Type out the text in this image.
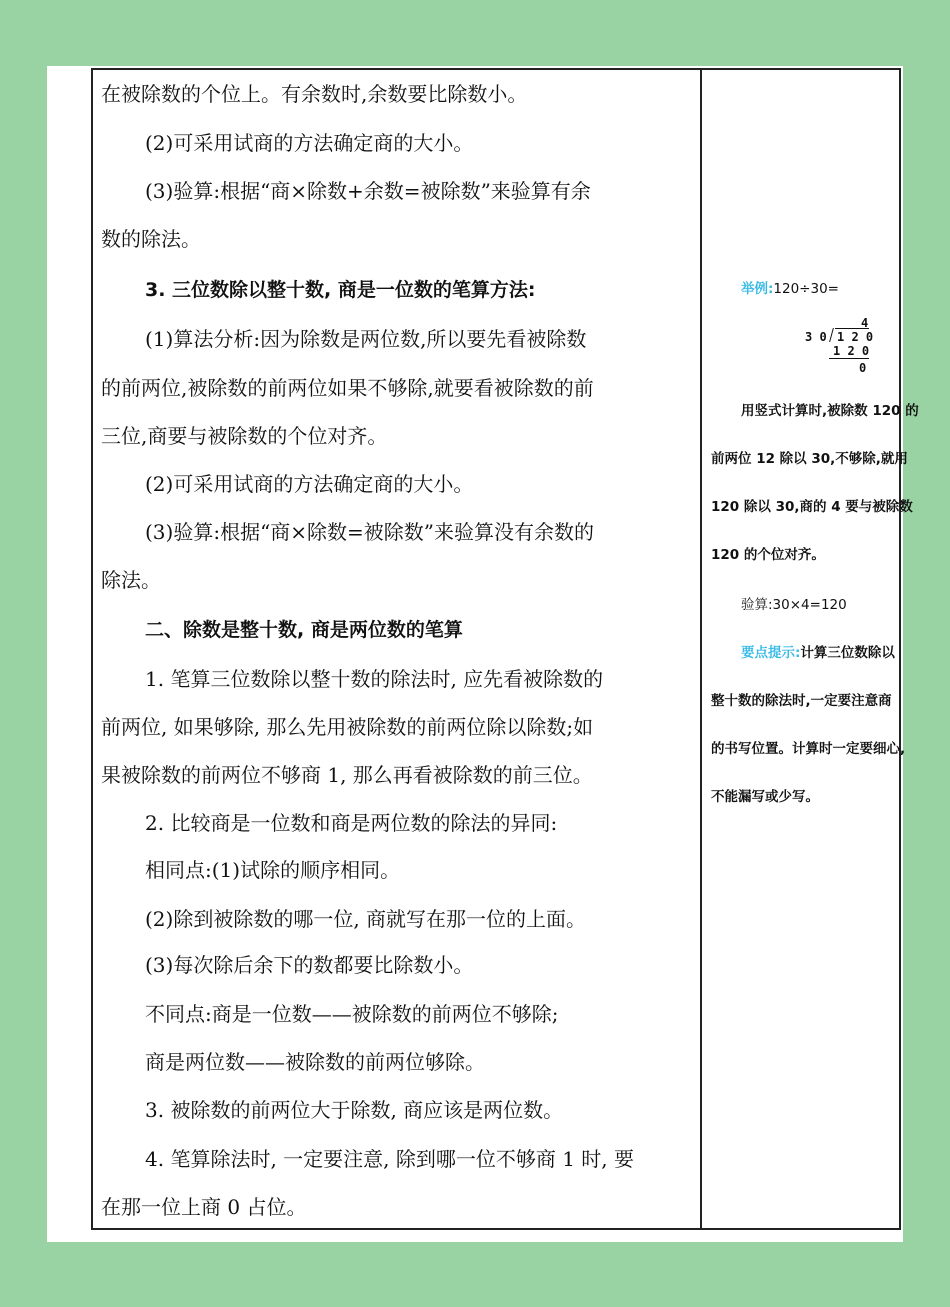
在被除数的个位上。有余数时,余数要比除数小。
(2)可采用试商的方法确定商的大小。
(3)验算:根据“商×除数+余数=被除数”来验算有余
数的除法。
3. 三位数除以整十数, 商是一位数的笔算方法:
(1)算法分析:因为除数是两位数,所以要先看被除数
的前两位,被除数的前两位如果不够除,就要看被除数的前
三位,商要与被除数的个位对齐。
(2)可采用试商的方法确定商的大小。
(3)验算:根据“商×除数=被除数”来验算没有余数的
除法。
二、除数是整十数, 商是两位数的笔算
1. 笔算三位数除以整十数的除法时, 应先看被除数的
前两位, 如果够除, 那么先用被除数的前两位除以除数;如
果被除数的前两位不够商 1, 那么再看被除数的前三位。
2. 比较商是一位数和商是两位数的除法的异同:
相同点:(1)试除的顺序相同。
(2)除到被除数的哪一位, 商就写在那一位的上面。
(3)每次除后余下的数都要比除数小。
不同点:商是一位数——被除数的前两位不够除;
商是两位数——被除数的前两位够除。
3. 被除数的前两位大于除数, 商应该是两位数。
4. 笔算除法时, 一定要注意, 除到哪一位不够商 1 时, 要
在那一位上商 0 占位。
举例:120÷30=
4
3 0 1 2 0
1 2 0
0
用竖式计算时,被除数 120 的
前两位 12 除以 30,不够除,就用
120 除以 30,商的 4 要与被除数
120 的个位对齐。
验算:30×4=120
要点提示:计算三位数除以
整十数的除法时,一定要注意商
的书写位置。计算时一定要细心,
不能漏写或少写。
